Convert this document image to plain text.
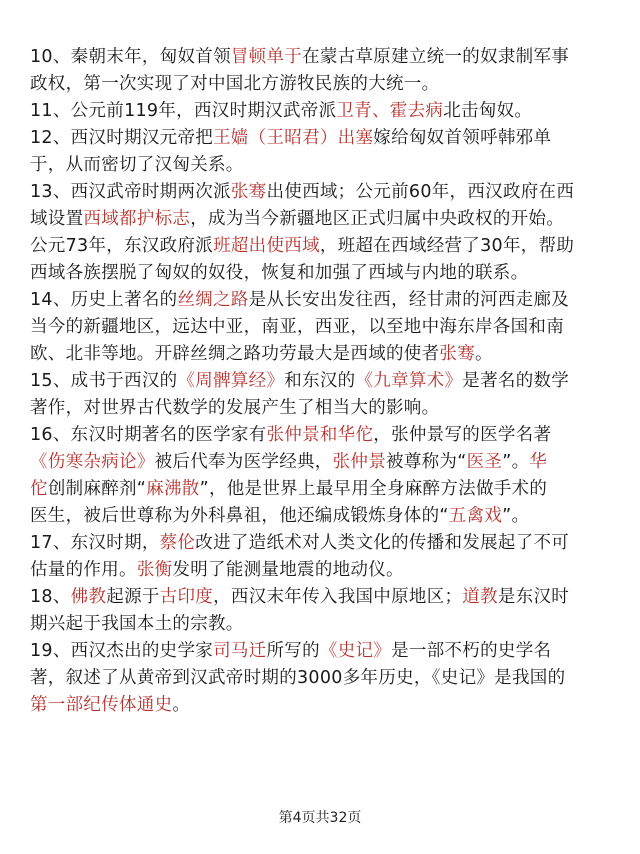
10、秦朝末年，匈奴首领冒顿单于在蒙古草原建立统一的奴隶制军事
政权，第一次实现了对中国北方游牧民族的大统一。
11、公元前119年，西汉时期汉武帝派卫青、霍去病北击匈奴。
12、西汉时期汉元帝把王嫱（王昭君）出塞嫁给匈奴首领呼韩邪单
于，从而密切了汉匈关系。
13、西汉武帝时期两次派张骞出使西域；公元前60年，西汉政府在西
域设置西域都护标志，成为当今新疆地区正式归属中央政权的开始。
公元73年，东汉政府派班超出使西域，班超在西域经营了30年，帮助
西域各族摆脱了匈奴的奴役，恢复和加强了西域与内地的联系。
14、历史上著名的丝绸之路是从长安出发往西，经甘肃的河西走廊及
当今的新疆地区，远达中亚，南亚，西亚，以至地中海东岸各国和南
欧、北非等地。开辟丝绸之路功劳最大是西域的使者张骞。
15、成书于西汉的《周髀算经》和东汉的《九章算术》是著名的数学
著作，对世界古代数学的发展产生了相当大的影响。
16、东汉时期著名的医学家有张仲景和华佗，张仲景写的医学名著
《伤寒杂病论》被后代奉为医学经典，张仲景被尊称为“医圣”。华
佗创制麻醉剂“麻沸散”，他是世界上最早用全身麻醉方法做手术的
医生，被后世尊称为外科鼻祖，他还编成锻炼身体的“五禽戏”。
17、东汉时期，蔡伦改进了造纸术对人类文化的传播和发展起了不可
估量的作用。张衡发明了能测量地震的地动仪。
18、佛教起源于古印度，西汉末年传入我国中原地区；道教是东汉时
期兴起于我国本土的宗教。
19、西汉杰出的史学家司马迁所写的《史记》是一部不朽的史学名
著，叙述了从黄帝到汉武帝时期的3000多年历史，《史记》是我国的
第一部纪传体通史。
第4页共32页
